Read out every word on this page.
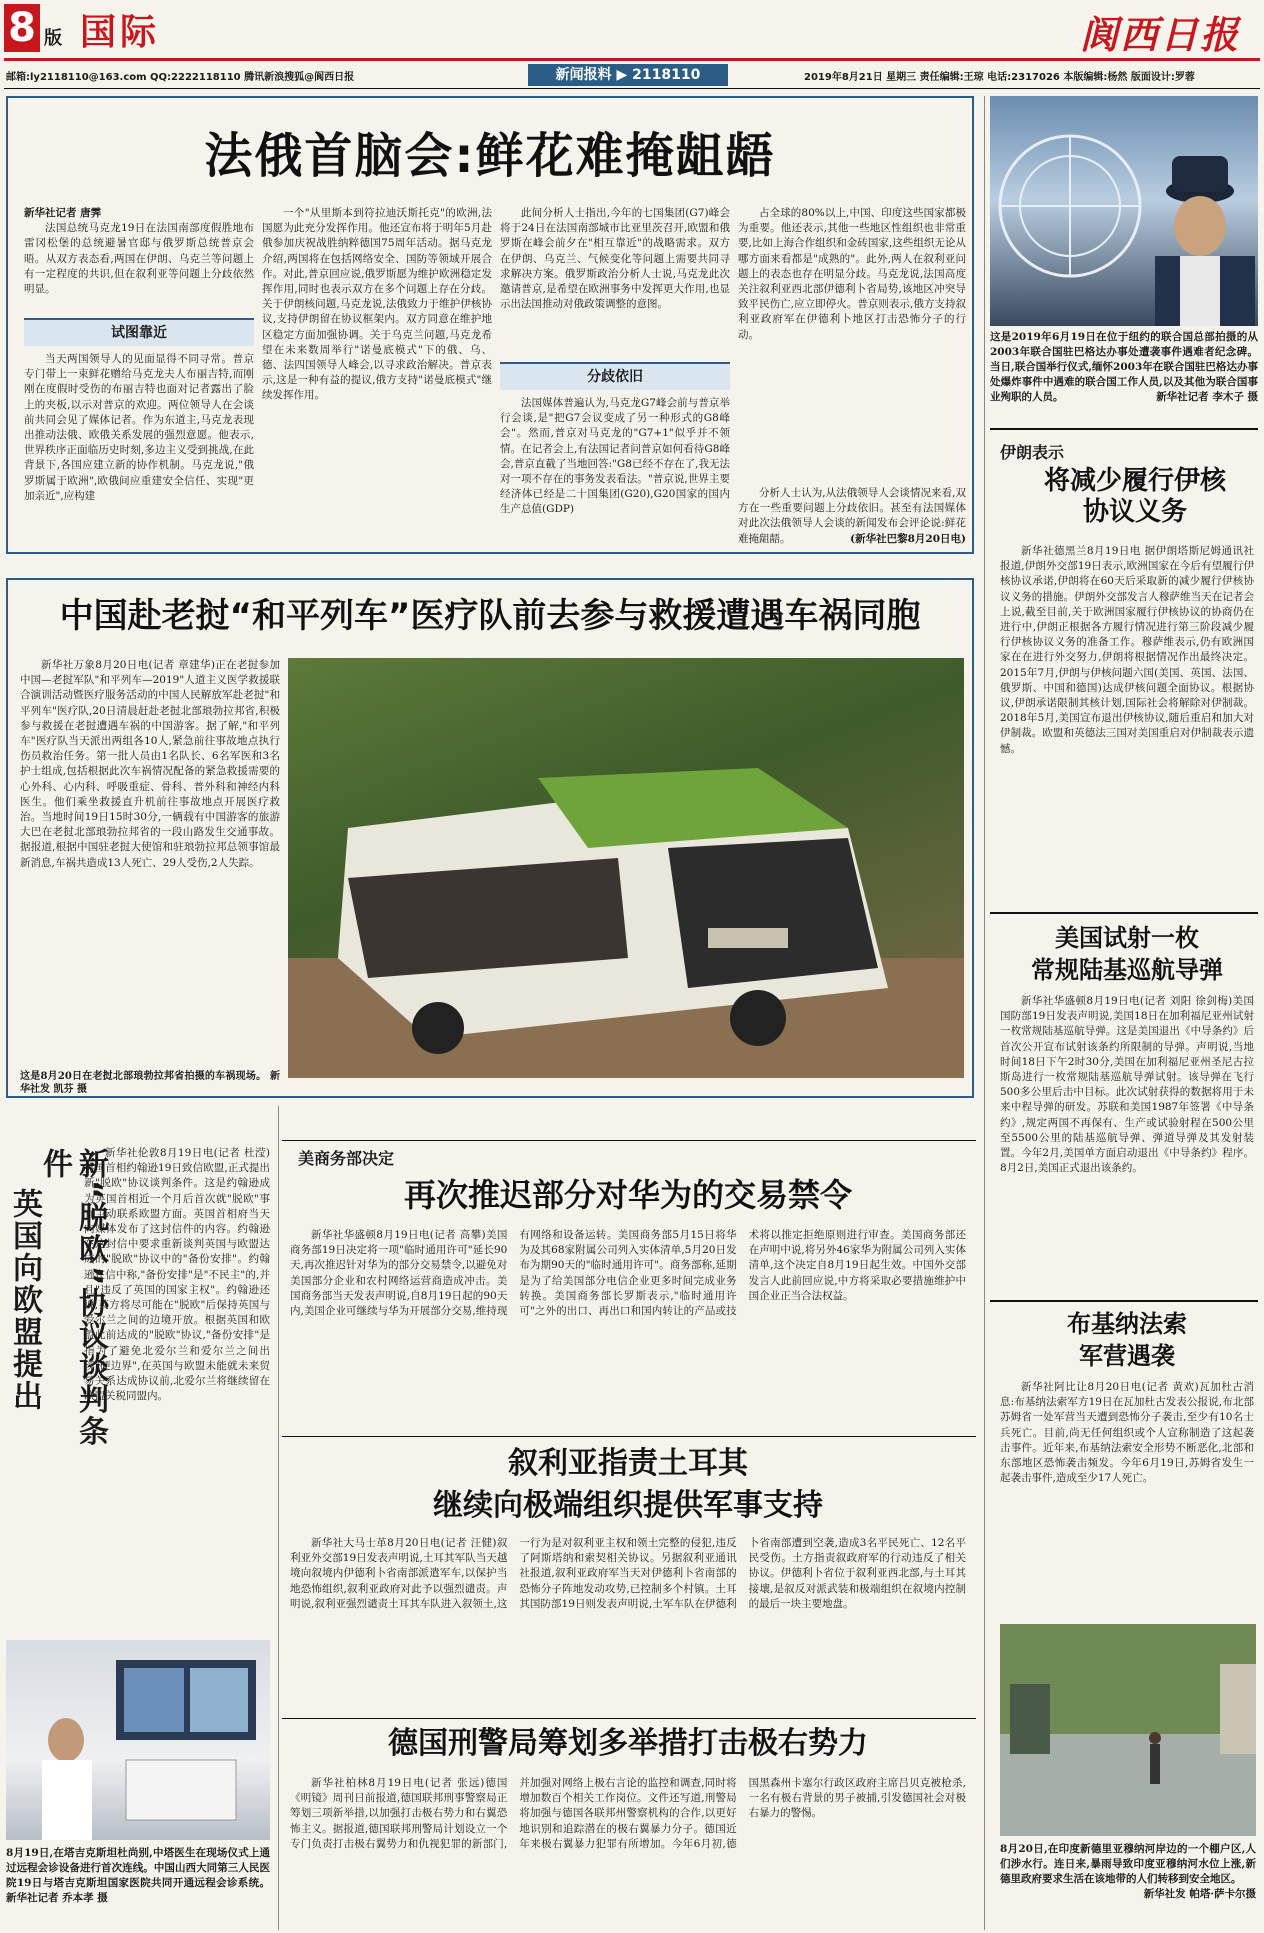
8 版 国际	阆西日报
邮箱:ly2118110@163.com QQ:2222118110 腾讯新浪搜狐@阆西日报	新闻报料 ▶ 2118110	2019年8月21日 星期三 责任编辑:王琼 电话:2317026 本版编辑:杨然 版面设计:罗蓉
法俄首脑会:鲜花难掩龃龉
新华社记者 唐霁

法国总统马克龙19日在法国南部度假胜地布雷冈松堡的总统避暑官邸与俄罗斯总统普京会晤。从双方表态看,两国在伊朗、乌克兰等问题上有一定程度的共识,但在叙利亚等问题上分歧依然明显。

试图靠近

当天两国领导人的见面显得不同寻常。普京专门带上一束鲜花赠给马克龙夫人布丽吉特,而刚刚在度假时受伤的布丽吉特也面对记者露出了脸上的夹板,以示对普京的欢迎。两位领导人在会谈前共同会见了媒体记者。作为东道主,马克龙表现出推动法俄、欧俄关系发展的强烈意愿。他表示,世界秩序正面临历史时刻,多边主义受到挑战,在此背景下,各国应建立新的协作机制。马克龙说,"俄罗斯属于欧洲",欧俄间应重建安全信任、实现"更加亲近",应构建

一个"从里斯本到符拉迪沃斯托克"的欧洲,法国愿为此充分发挥作用。他还宣布将于明年5月赴俄参加庆祝战胜纳粹德国75周年活动。据马克龙介绍,两国将在包括网络安全、国防等领域开展合作。对此,普京回应说,俄罗斯愿为维护欧洲稳定发挥作用,同时也表示双方在多个问题上存在分歧。关于伊朗核问题,马克龙说,法俄致力于维护伊核协议,支持伊朗留在协议框架内。双方同意在维护地区稳定方面加强协调。关于乌克兰问题,马克龙希望在未来数周举行"诺曼底模式"下的俄、乌、德、法四国领导人峰会,以寻求政治解决。普京表示,这是一种有益的提议,俄方支持"诺曼底模式"继续发挥作用。

此间分析人士指出,今年的七国集团(G7)峰会将于24日在法国南部城市比亚里茨召开,欧盟和俄罗斯在峰会前夕在"相互靠近"的战略需求。双方在伊朗、乌克兰、气候变化等问题上需要共同寻求解决方案。俄罗斯政治分析人士说,马克龙此次邀请普京,是希望在欧洲事务中发挥更大作用,也显示出法国推动对俄政策调整的意图。

分歧依旧

法国媒体普遍认为,马克龙G7峰会前与普京举行会谈,是"把G7会议变成了另一种形式的G8峰会"。然而,普京对马克龙的"G7+1"似乎并不领情。在记者会上,有法国记者问普京如何看待G8峰会,普京直截了当地回答:"G8已经不存在了,我无法对一项不存在的事务发表看法。"普京说,世界主要经济体已经是二十国集团(G20),G20国家的国内生产总值(GDP)

占全球的80%以上,中国、印度这些国家都极为重要。他还表示,其他一些地区性组织也非常重要,比如上海合作组织和金砖国家,这些组织无论从哪方面来看都是"成熟的"。此外,两人在叙利亚问题上的表态也存在明显分歧。马克龙说,法国高度关注叙利亚西北部伊德利卜省局势,该地区冲突导致平民伤亡,应立即停火。普京则表示,俄方支持叙利亚政府军在伊德利卜地区打击恐怖分子的行动。

分析人士认为,从法俄领导人会谈情况来看,双方在一些重要问题上分歧依旧。甚至有法国媒体对此次法俄领导人会谈的新闻发布会评论说:鲜花难掩龃龉。	(新华社巴黎8月20日电)
这是2019年6月19日在位于纽约的联合国总部拍摄的从2003年联合国驻巴格达办事处遭袭事件遇难者纪念碑。当日,联合国举行仪式,缅怀2003年在联合国驻巴格达办事处爆炸事件中遇难的联合国工作人员,以及其他为联合国事业殉职的人员。	新华社记者 李木子 摄
伊朗表示
将减少履行伊核协议义务

新华社德黑兰8月19日电 据伊朗塔斯尼姆通讯社报道,伊朗外交部19日表示,欧洲国家在今后有望履行伊核协议承诺,伊朗将在60天后采取新的减少履行伊核协议义务的措施。伊朗外交部发言人穆萨维当天在记者会上说,截至目前,关于欧洲国家履行伊核协议的协商仍在进行中,伊朗正根据各方履行情况进行第三阶段减少履行伊核协议义务的准备工作。穆萨维表示,仍有欧洲国家在在进行外交努力,伊朗将根据情况作出最终决定。2015年7月,伊朗与伊核问题六国(美国、英国、法国、俄罗斯、中国和德国)达成伊核问题全面协议。根据协议,伊朗承诺限制其核计划,国际社会将解除对伊制裁。2018年5月,美国宣布退出伊核协议,随后重启和加大对伊制裁。欧盟和英德法三国对美国重启对伊制裁表示遗憾。

中国赴老挝“和平列车”医疗队前去参与救援遭遇车祸同胞

新华社万象8月20日电(记者 章建华)正在老挝参加中国—老挝军队"和平列车—2019"人道主义医学救援联合演训活动暨医疗服务活动的中国人民解放军赴老挝"和平列车"医疗队,20日清晨赶赴老挝北部琅勃拉邦省,积极参与救援在老挝遭遇车祸的中国游客。据了解,"和平列车"医疗队当天派出两组各10人,紧急前往事故地点执行伤员救治任务。第一批人员由1名队长、6名军医和3名护士组成,包括根据此次车祸情况配备的紧急救援需要的心外科、心内科、呼吸重症、骨科、普外科和神经内科医生。他们乘坐救援直升机前往事故地点开展医疗救治。当地时间19日15时30分,一辆载有中国游客的旅游大巴在老挝北部琅勃拉邦省的一段山路发生交通事故。据报道,根据中国驻老挝大使馆和驻琅勃拉邦总领事馆最新消息,车祸共造成13人死亡、29人受伤,2人失踪。

这是8月20日在老挝北部琅勃拉邦省拍摄的车祸现场。 新华社发 凯芬 摄
美国试射一枚
常规陆基巡航导弹

新华社华盛顿8月19日电(记者 刘阳 徐剑梅)美国国防部19日发表声明说,美国18日在加利福尼亚州试射一枚常规陆基巡航导弹。这是美国退出《中导条约》后首次公开宣布试射该条约所限制的导弹。声明说,当地时间18日下午2时30分,美国在加利福尼亚州圣尼古拉斯岛进行一枚常规陆基巡航导弹试射。该导弹在飞行500多公里后击中目标。此次试射获得的数据将用于未来中程导弹的研发。苏联和美国1987年签署《中导条约》,规定两国不再保有、生产或试验射程在500公里至5500公里的陆基巡航导弹、弹道导弹及其发射装置。今年2月,美国单方面启动退出《中导条约》程序。8月2日,美国正式退出该条约。

新“脱欧”协议谈判条件
英国向欧盟提出

新华社伦敦8月19日电(记者 杜滢)英国首相约翰逊19日致信欧盟,正式提出新"脱欧"协议谈判条件。这是约翰逊成为英国首相近一个月后首次就"脱欧"事宜主动联系欧盟方面。英国首相府当天向媒体发布了这封信件的内容。约翰逊在这封信中要求重新谈判英国与欧盟达成的"脱欧"协议中的"备份安排"。约翰逊在信中称,"备份安排"是"不民主"的,并且"违反了英国的国家主权"。约翰逊还说,英方将尽可能在"脱欧"后保持英国与爱尔兰之间的边境开放。根据英国和欧盟此前达成的"脱欧"协议,"备份安排"是指为了避免北爱尔兰和爱尔兰之间出现"硬边界",在英国与欧盟未能就未来贸易关系达成协议前,北爱尔兰将继续留在欧盟关税同盟内。

8月19日,在塔吉克斯坦杜尚别,中塔医生在现场仪式上通过远程会诊设备进行首次连线。中国山西大同第三人民医院19日与塔吉克斯坦国家医院共同开通远程会诊系统。 新华社记者 乔本孝 摄
美商务部决定
再次推迟部分对华为的交易禁令

新华社华盛顿8月19日电(记者 高攀)美国商务部19日决定将一项"临时通用许可"延长90天,再次推迟针对华为的部分交易禁令,以避免对美国部分企业和农村网络运营商造成冲击。美国商务部当天发表声明说,自8月19日起的90天内,美国企业可继续与华为开展部分交易,维持现有网络和设备运转。美国商务部5月15日将华为及其68家附属公司列入实体清单,5月20日发布为期90天的"临时通用许可"。商务部称,延期是为了给美国部分电信企业更多时间完成业务转换。美国商务部长罗斯表示,"临时通用许可"之外的出口、再出口和国内转让的产品或技术将以推定拒绝原则进行审查。美国商务部还在声明中说,将另外46家华为附属公司列入实体清单,这个决定自8月19日起生效。中国外交部发言人此前回应说,中方将采取必要措施维护中国企业正当合法权益。

叙利亚指责土耳其
继续向极端组织提供军事支持

新华社大马士革8月20日电(记者 汪健)叙利亚外交部19日发表声明说,土耳其军队当天越境向叙境内伊德利卜省南部派遣军车,以保护当地恐怖组织,叙利亚政府对此予以强烈谴责。声明说,叙利亚强烈谴责土耳其车队进入叙领土,这一行为是对叙利亚主权和领土完整的侵犯,违反了阿斯塔纳和索契相关协议。另据叙利亚通讯社报道,叙利亚政府军当天对伊德利卜省南部的恐怖分子阵地发动攻势,已控制多个村镇。土耳其国防部19日则发表声明说,土军车队在伊德利卜省南部遭到空袭,造成3名平民死亡、12名平民受伤。土方指责叙政府军的行动违反了相关协议。伊德利卜省位于叙利亚西北部,与土耳其接壤,是叙反对派武装和极端组织在叙境内控制的最后一块主要地盘。

德国刑警局筹划多举措打击极右势力

新华社柏林8月19日电(记者 张远)德国《明镜》周刊日前报道,德国联邦刑事警察局正筹划三项新举措,以加强打击极右势力和右翼恐怖主义。据报道,德国联邦刑警局计划设立一个专门负责打击极右翼势力和仇视犯罪的新部门,并加强对网络上极右言论的监控和调查,同时将增加数百个相关工作岗位。文件还写道,刑警局将加强与德国各联邦州警察机构的合作,以更好地识别和追踪潜在的极右翼暴力分子。德国近年来极右翼暴力犯罪有所增加。今年6月初,德国黑森州卡塞尔行政区政府主席吕贝克被枪杀,一名有极右背景的男子被捕,引发德国社会对极右暴力的警惕。

布基纳法索
军营遇袭

新华社阿比让8月20日电(记者 黄欢)瓦加杜古消息:布基纳法索军方19日在瓦加杜古发表公报说,布北部苏姆省一处军营当天遭到恐怖分子袭击,至少有10名士兵死亡。目前,尚无任何组织或个人宣称制造了这起袭击事件。近年来,布基纳法索安全形势不断恶化,北部和东部地区恐怖袭击频发。今年6月19日,苏姆省发生一起袭击事件,造成至少17人死亡。

8月20日,在印度新德里亚穆纳河岸边的一个棚户区,人们涉水行。连日来,暴雨导致印度亚穆纳河水位上涨,新德里政府要求生活在该地带的人们转移到安全地区。
新华社发 帕塔·萨卡尔摄
